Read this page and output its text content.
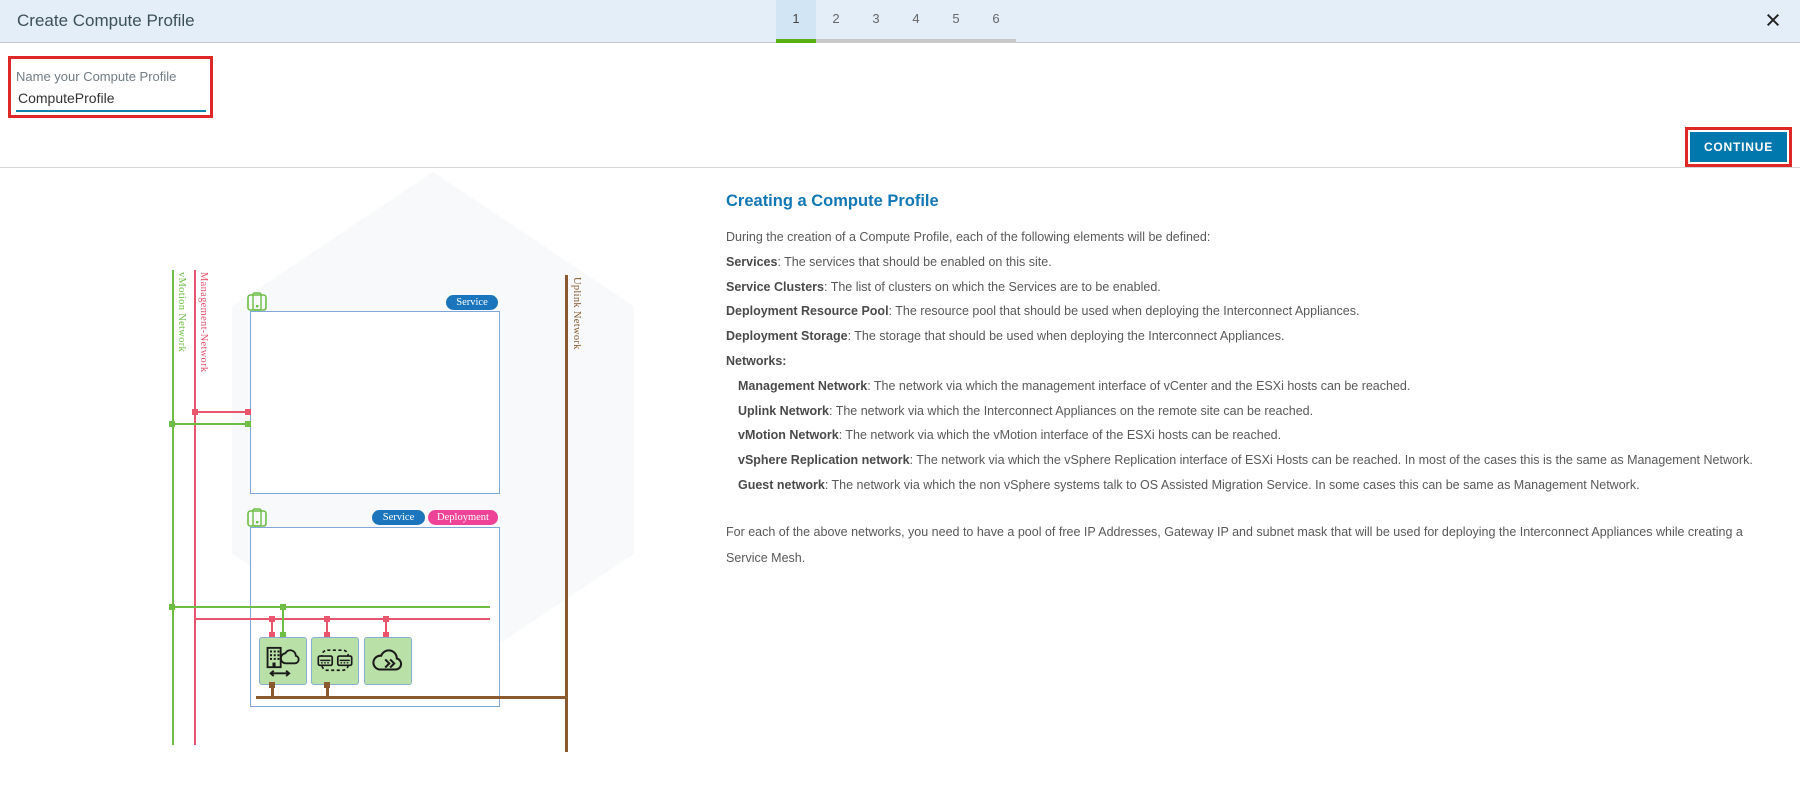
Create Compute Profile	1	2	3	4	5	6	×
Name your Compute Profile
ComputeProfile
CONTINUE
vMotion Network Management-Network	Uplink Network
Service
Service	Deployment
Creating a Compute Profile
During the creation of a Compute Profile, each of the following elements will be defined:
Services: The services that should be enabled on this site.
Service Clusters: The list of clusters on which the Services are to be enabled.
Deployment Resource Pool: The resource pool that should be used when deploying the Interconnect Appliances.
Deployment Storage: The storage that should be used when deploying the Interconnect Appliances.
Networks:
Management Network: The network via which the management interface of vCenter and the ESXi hosts can be reached.
Uplink Network: The network via which the Interconnect Appliances on the remote site can be reached.
vMotion Network: The network via which the vMotion interface of the ESXi hosts can be reached.
vSphere Replication network: The network via which the vSphere Replication interface of ESXi Hosts can be reached. In most of the cases this is the same as Management Network.
Guest network: The network via which the non vSphere systems talk to OS Assisted Migration Service. In some cases this can be same as Management Network.
For each of the above networks, you need to have a pool of free IP Addresses, Gateway IP and subnet mask that will be used for deploying the Interconnect Appliances while creating a Service Mesh.
